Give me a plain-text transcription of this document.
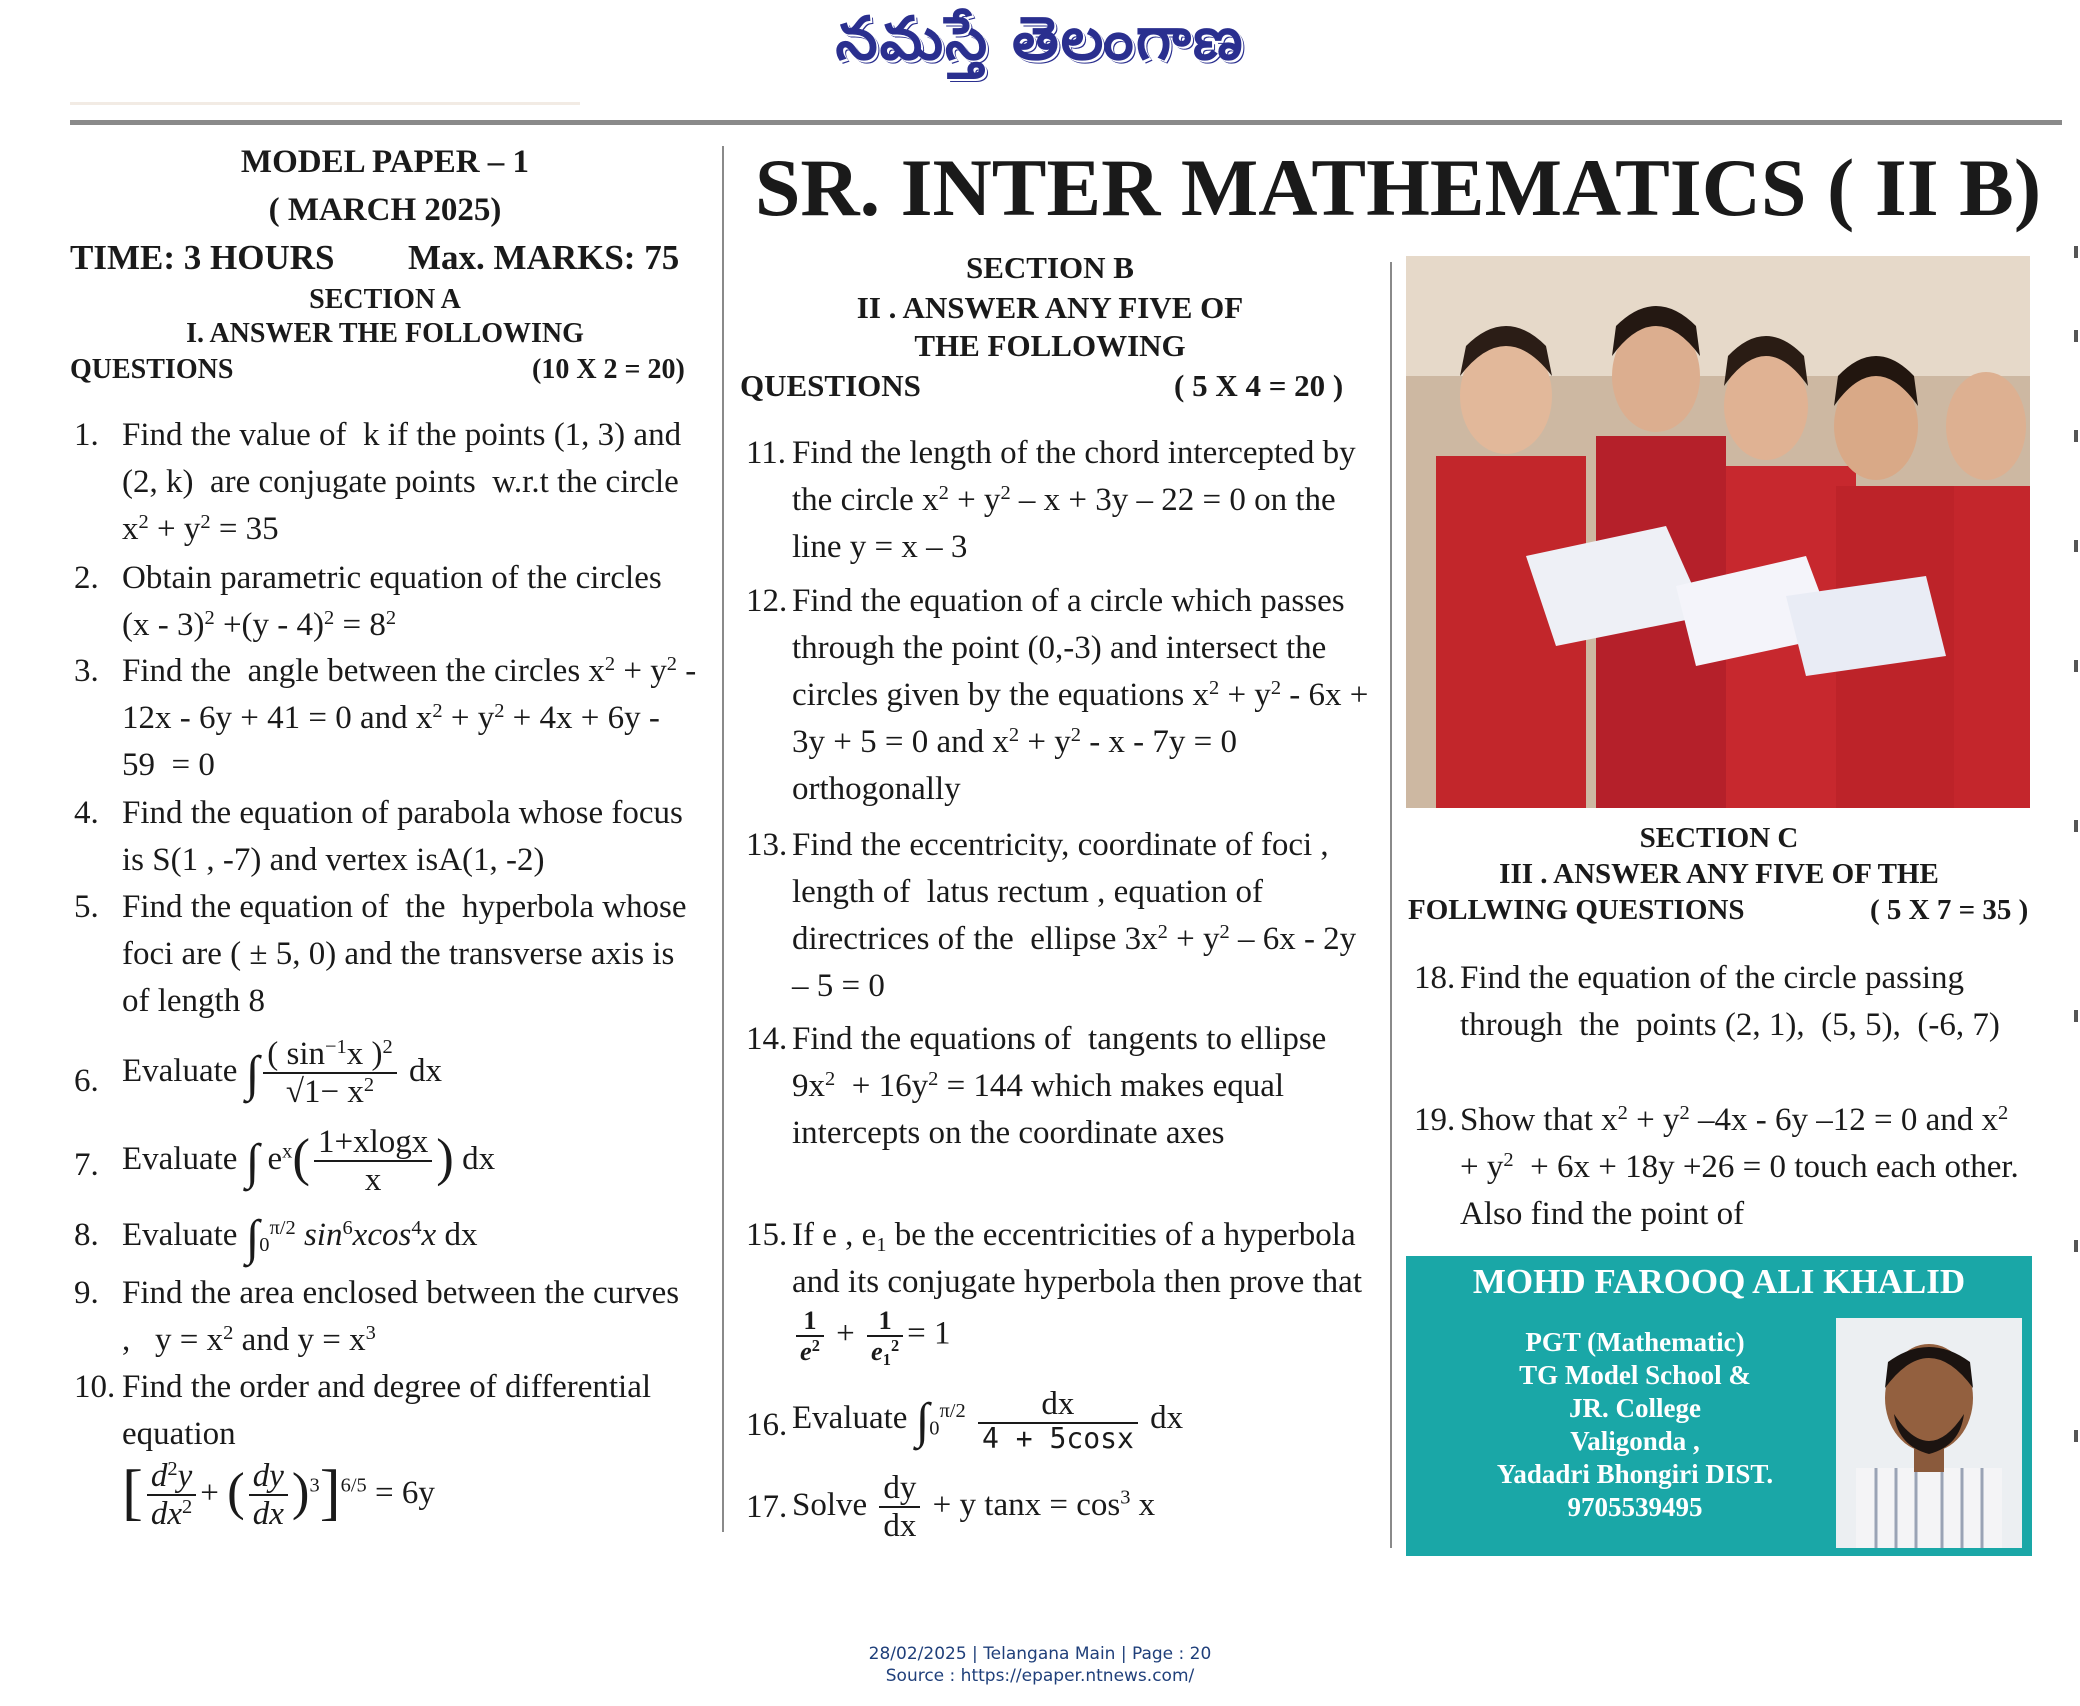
నమస్తే తెలంగాణ
SR. INTER MATHEMATICS ( II B)
MODEL PAPER – 1
( MARCH 2025)
TIME: 3 HOURS Max. MARKS: 75
SECTION A
I. ANSWER THE FOLLOWING
QUESTIONS	(10 X 2 = 20)
1. Find the value of  k if the points (1, 3) and (2, k)  are conjugate points  w.r.t the circle $x^2 + y^2 = 35$
2. Obtain parametric equation of the circles  $(x - 3)^2 +(y - 4)^2 = 8^2$
3. Find the  angle between the circles $x^2 + y^2 - 12x - 6y + 41 = 0$ and $x^2 + y^2 + 4x + 6y - 59 = 0$
4. Find the equation of parabola whose focus is S(1 , -7) and vertex isA(1, -2)
5. Find the equation of  the  hyperbola whose foci are ( ± 5, 0) and the transverse axis is of length 8
6. Evaluate ∫ $\frac{( \sin^{-1}x )^2}{√1- x^2}$ dx
7. Evaluate ∫ $e^x( \frac{1+xlogx}{x}$ ) dx
8. Evaluate $\int_0^{\pi/2}$ $\sin^6xcos^4x$ dx
9. Find the area enclosed between the curves ,   $y = x^2$ and $y = x^3$
10. Find the order and degree of differential equation
[ $\frac{d^2y}{dx^2}$ + ( $\frac{dy}{dx} )^3]^{6/5} = 6y$
SECTION B
II . ANSWER ANY FIVE OF
THE FOLLOWING
QUESTIONS	( 5 X 4 = 20 )
11. Find the length of the chord intercepted by the circle $x^2 + y^2 - x + 3y - 22 = 0$ on the line y = x – 3
12. Find the equation of a circle which passes through the point (0,-3) and intersect the circles given by the equations $x^2 + y^2 - 6x + 3y + 5 = 0$ and $x^2 + y^2 - x - 7y = 0$ orthogonally
13. Find the eccentricity, coordinate of foci , length of  latus rectum , equation of directrices of the  ellipse $3x^2 + y^2 - 6x - 2y - 5 = 0$
14. Find the equations of  tangents to ellipse  $9x^2 + 16y^2 = 144$ which makes equal intercepts on the coordinate axes
15. If e , $e_1$ be the eccentricities of a hyperbola and its conjugate hyperbola then prove that
$\frac{1}{e^2} + \frac{1}{e_1^2} = 1$
16. Evaluate $\int_0^{\pi/2} \frac{dx}{4 + 5\cos x}$ dx
17. Solve $\frac{dy}{dx} + y$ $\tan x = \cos^3 x$
SECTION C
III . ANSWER ANY FIVE OF THE
FOLLWING QUESTIONS	( 5 X 7 = 35 )
18. Find the equation of the circle passing  through  the  points (2, 1),  (5, 5),  (-6, 7)
19. Show that $x^2 + y^2$ –4x - 6y –12 = 0 and $x^2 + y^2 + 6x + 18y +26 = 0$ touch each other. Also find the point of
MOHD FAROOQ ALI KHALID
PGT (Mathematic)
TG Model School &
JR. College
Valigonda ,
Yadadri Bhongiri DIST.
9705539495
28/02/2025 | Telangana Main | Page : 20
Source : https://epaper.ntnews.com/
